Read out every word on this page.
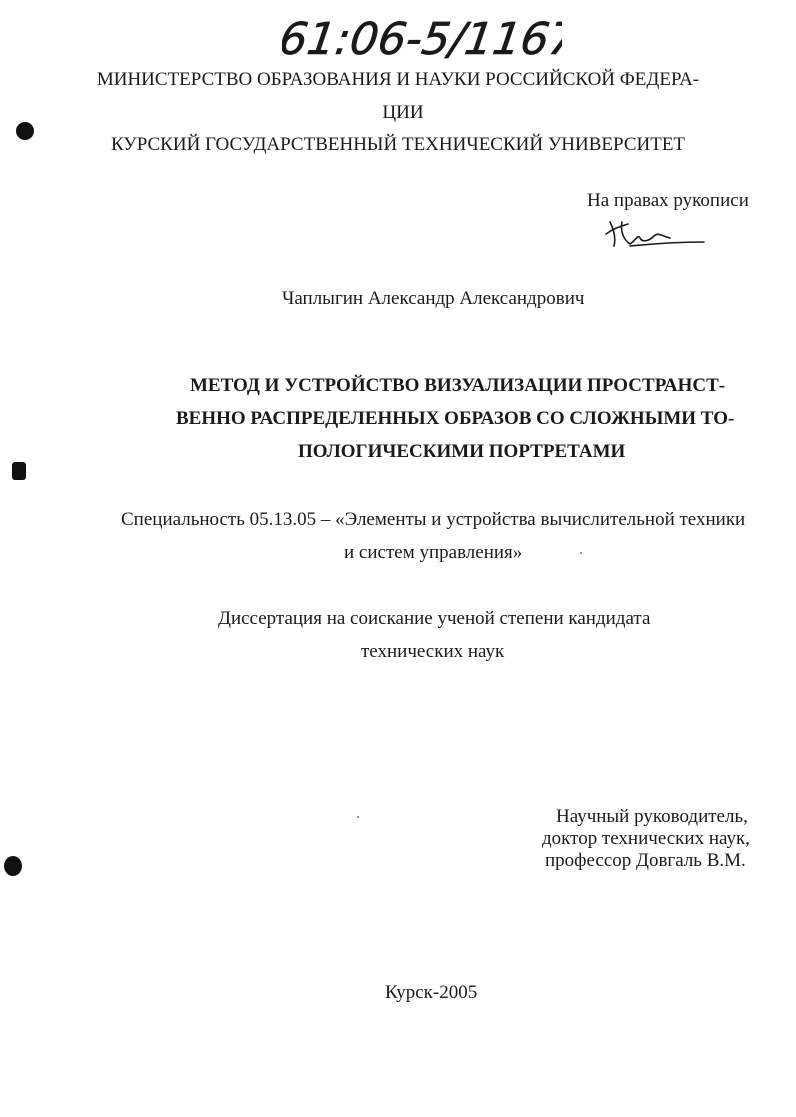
61:06-5/1167
МИНИСТЕРСТВО ОБРАЗОВАНИЯ И НАУКИ РОССИЙСКОЙ ФЕДЕРА-
ЦИИ
КУРСКИЙ ГОСУДАРСТВЕННЫЙ ТЕХНИЧЕСКИЙ УНИВЕРСИТЕТ
На правах рукописи
Чаплыгин Александр Александрович
МЕТОД И УСТРОЙСТВО ВИЗУАЛИЗАЦИИ ПРОСТРАНСТ-
ВЕННО РАСПРЕДЕЛЕННЫХ ОБРАЗОВ СО СЛОЖНЫМИ ТО-
ПОЛОГИЧЕСКИМИ ПОРТРЕТАМИ
Специальность 05.13.05 – «Элементы и устройства вычислительной техники
и систем управления»
Диссертация на соискание ученой степени кандидата
технических наук
Научный руководитель,
доктор технических наук,
профессор Довгаль В.М.
Курск-2005
